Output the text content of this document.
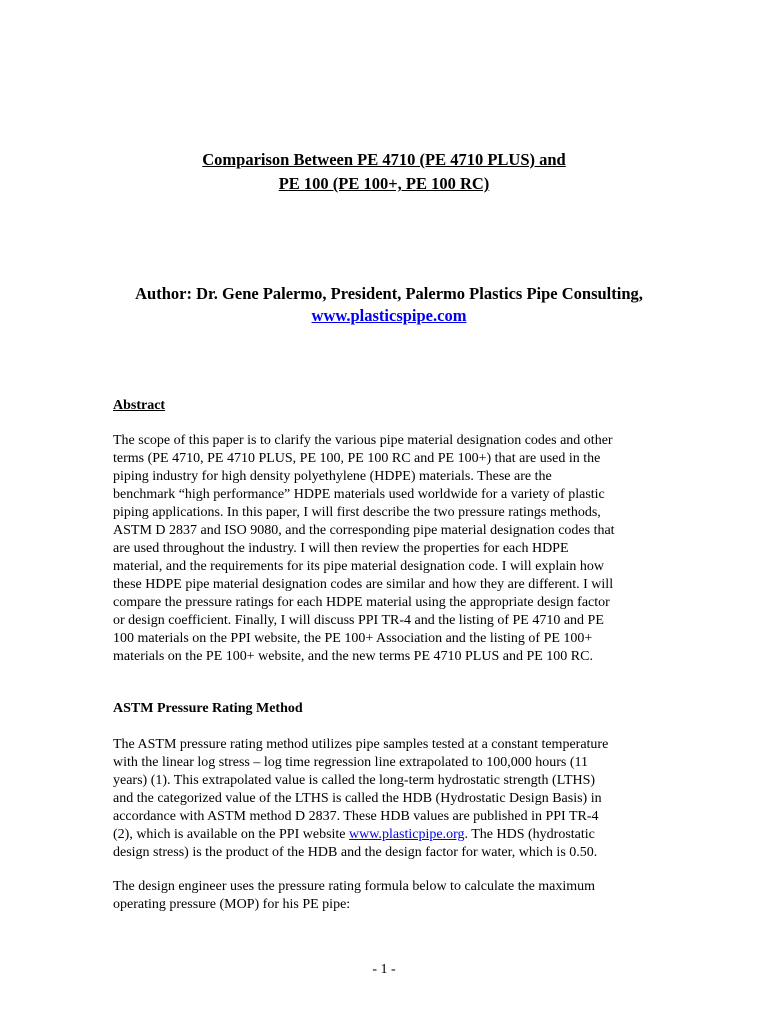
Comparison Between PE 4710 (PE 4710 PLUS) and
PE 100 (PE 100+, PE 100 RC)
Author: Dr. Gene Palermo, President, Palermo Plastics Pipe Consulting,
www.plasticspipe.com
Abstract
The scope of this paper is to clarify the various pipe material designation codes and other
terms (PE 4710, PE 4710 PLUS, PE 100, PE 100 RC and PE 100+) that are used in the
piping industry for high density polyethylene (HDPE) materials. These are the
benchmark “high performance” HDPE materials used worldwide for a variety of plastic
piping applications. In this paper, I will first describe the two pressure ratings methods,
ASTM D 2837 and ISO 9080, and the corresponding pipe material designation codes that
are used throughout the industry. I will then review the properties for each HDPE
material, and the requirements for its pipe material designation code. I will explain how
these HDPE pipe material designation codes are similar and how they are different. I will
compare the pressure ratings for each HDPE material using the appropriate design factor
or design coefficient. Finally, I will discuss PPI TR-4 and the listing of PE 4710 and PE
100 materials on the PPI website, the PE 100+ Association and the listing of PE 100+
materials on the PE 100+ website, and the new terms PE 4710 PLUS and PE 100 RC.
ASTM Pressure Rating Method
The ASTM pressure rating method utilizes pipe samples tested at a constant temperature
with the linear log stress – log time regression line extrapolated to 100,000 hours (11
years) (1). This extrapolated value is called the long-term hydrostatic strength (LTHS)
and the categorized value of the LTHS is called the HDB (Hydrostatic Design Basis) in
accordance with ASTM method D 2837. These HDB values are published in PPI TR-4
(2), which is available on the PPI website www.plasticpipe.org. The HDS (hydrostatic
design stress) is the product of the HDB and the design factor for water, which is 0.50.
The design engineer uses the pressure rating formula below to calculate the maximum
operating pressure (MOP) for his PE pipe:
- 1 -
